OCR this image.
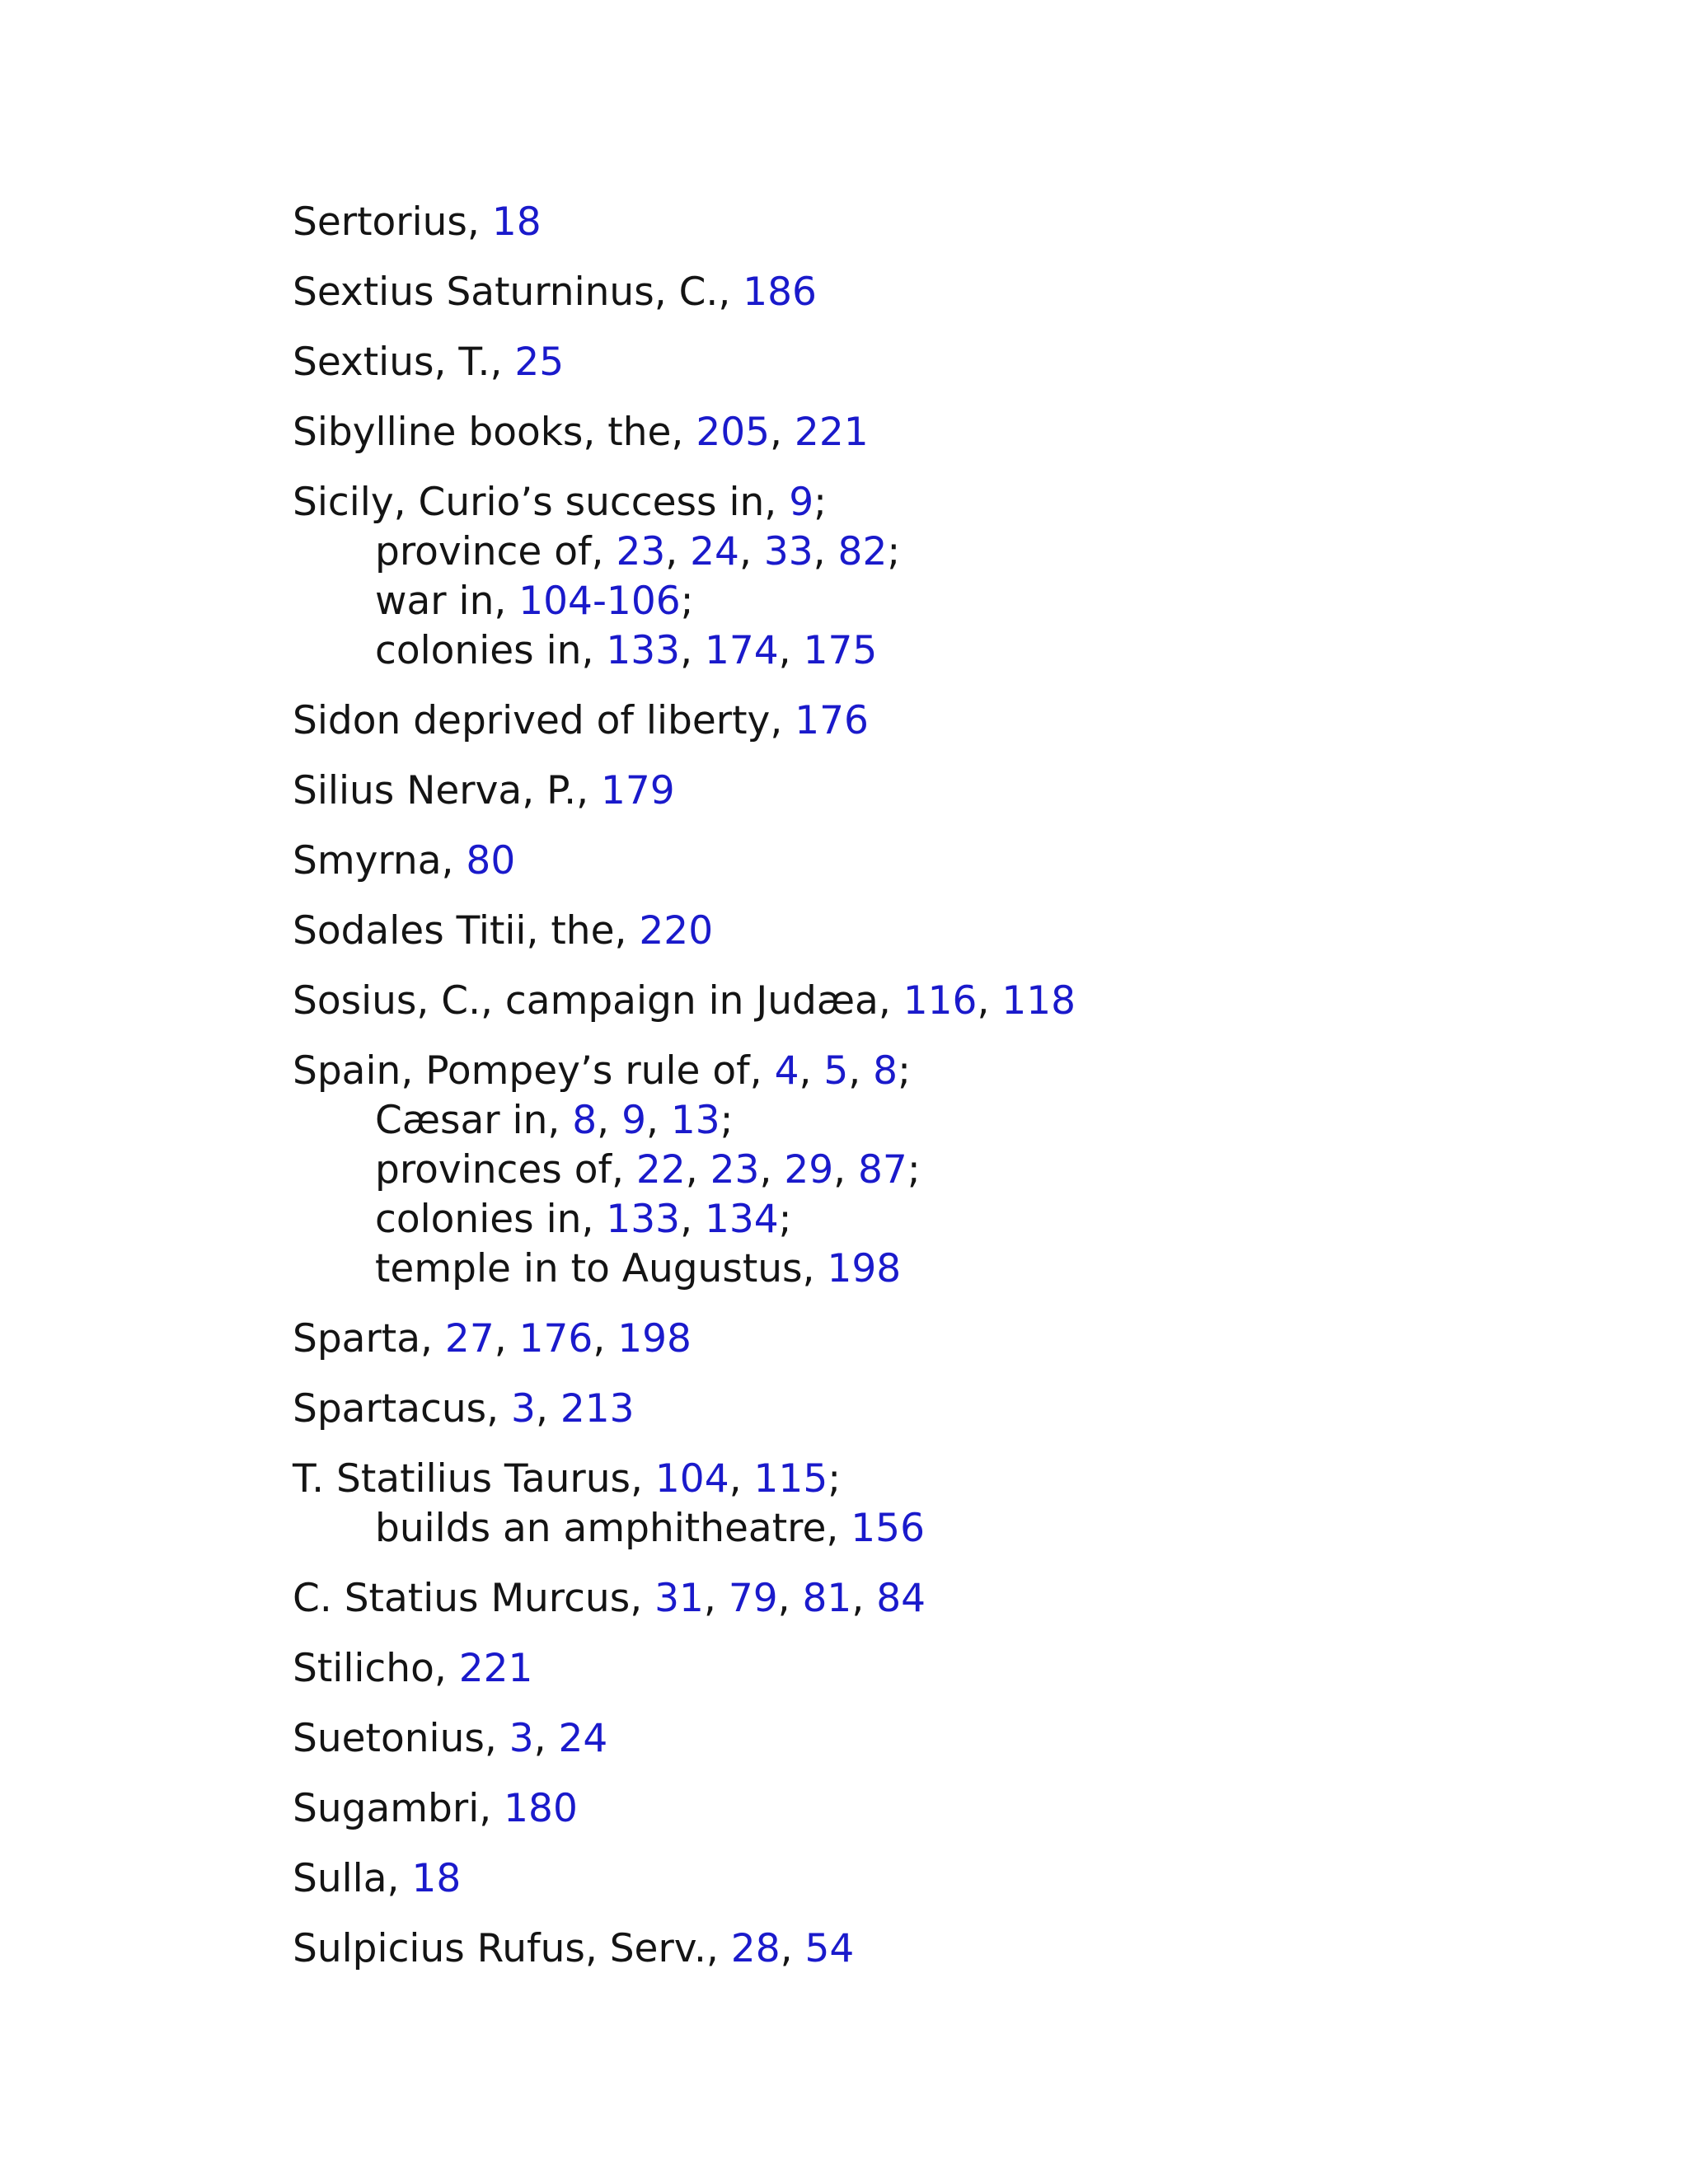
Sertorius, 18
Sextius Saturninus, C., 186
Sextius, T., 25
Sibylline books, the, 205, 221
Sicily, Curio’s success in, 9;
province of, 23, 24, 33, 82;
war in, 104-106;
colonies in, 133, 174, 175
Sidon deprived of liberty, 176
Silius Nerva, P., 179
Smyrna, 80
Sodales Titii, the, 220
Sosius, C., campaign in Judæa, 116, 118
Spain, Pompey’s rule of, 4, 5, 8;
Cæsar in, 8, 9, 13;
provinces of, 22, 23, 29, 87;
colonies in, 133, 134;
temple in to Augustus, 198
Sparta, 27, 176, 198
Spartacus, 3, 213
T. Statilius Taurus, 104, 115;
builds an amphitheatre, 156
C. Statius Murcus, 31, 79, 81, 84
Stilicho, 221
Suetonius, 3, 24
Sugambri, 180
Sulla, 18
Sulpicius Rufus, Serv., 28, 54
